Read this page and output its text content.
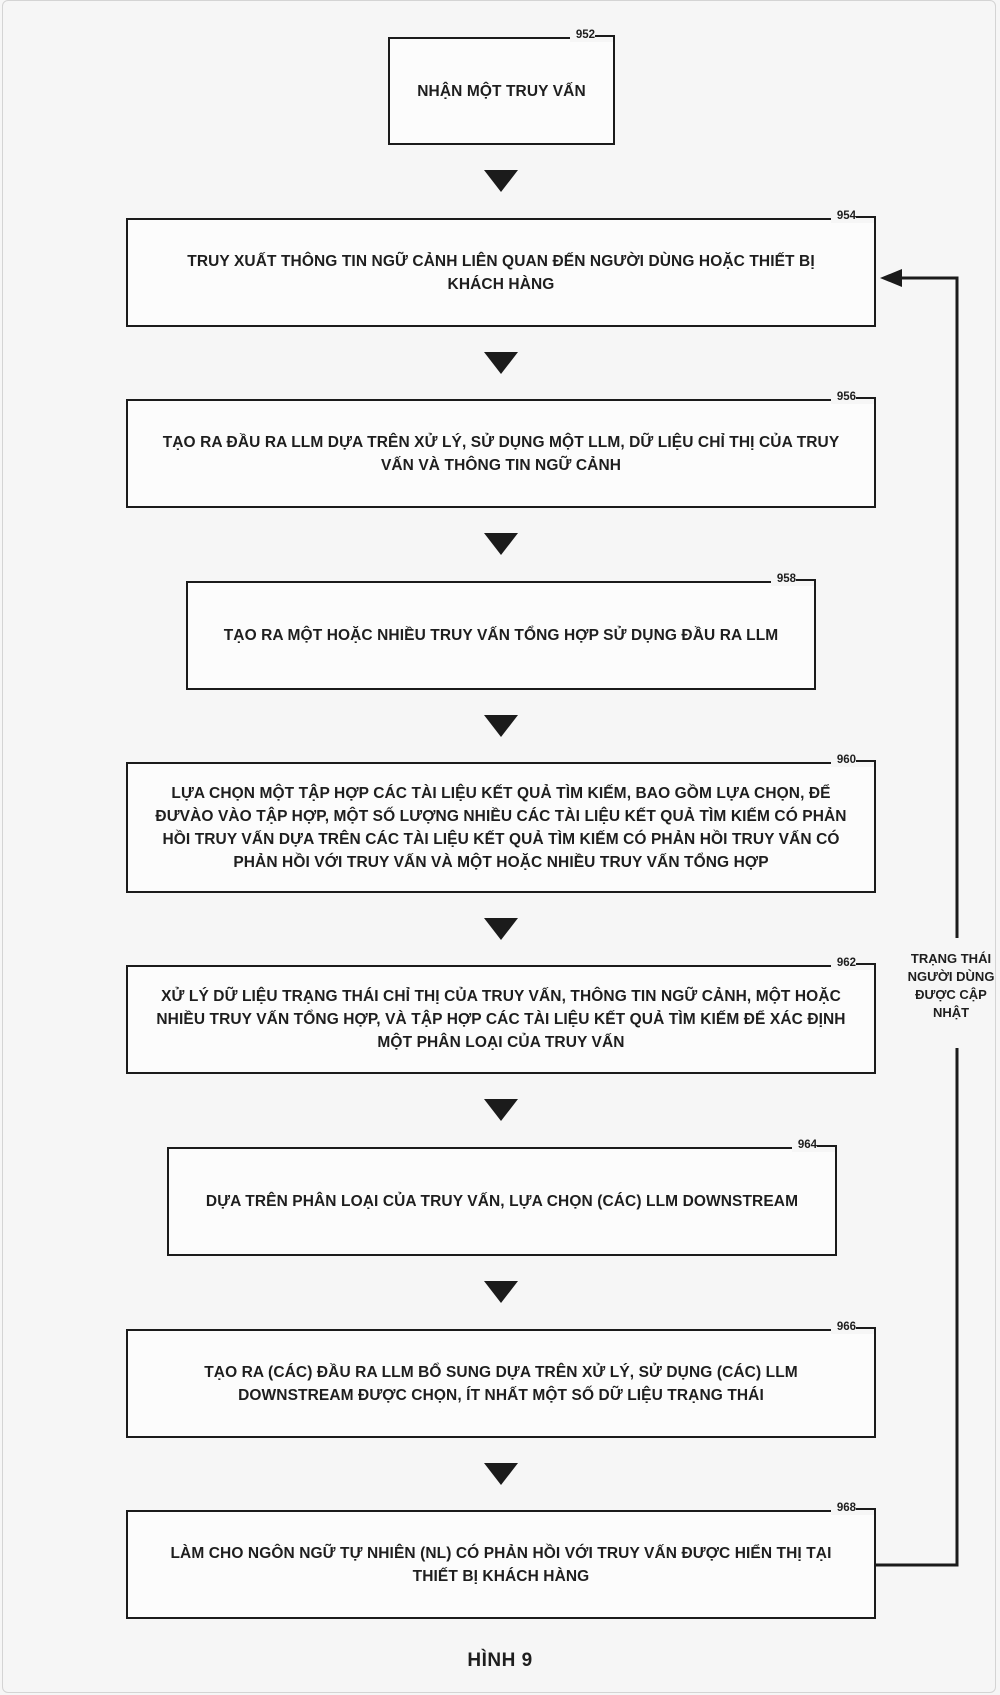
952
NHẬN MỘT TRUY VẤN
954
TRUY XUẤT THÔNG TIN NGỮ CẢNH LIÊN QUAN ĐẾN NGƯỜI DÙNG HOẶC THIẾT BỊ KHÁCH HÀNG
956
TẠO RA ĐẦU RA LLM DỰA TRÊN XỬ LÝ, SỬ DỤNG MỘT LLM, DỮ LIỆU CHỈ THỊ CỦA TRUY VẤN VÀ THÔNG TIN NGỮ CẢNH
958
TẠO RA MỘT HOẶC NHIỀU TRUY VẤN TỔNG HỢP SỬ DỤNG ĐẦU RA LLM
960
LỰA CHỌN MỘT TẬP HỢP CÁC TÀI LIỆU KẾT QUẢ TÌM KIẾM, BAO GỒM LỰA CHỌN, ĐỂ ĐƯVÀO VÀO TẬP HỢP, MỘT SỐ LƯỢNG NHIỀU CÁC TÀI LIỆU KẾT QUẢ TÌM KIẾM CÓ PHẢN HỒI TRUY VẤN DỰA TRÊN CÁC TÀI LIỆU KẾT QUẢ TÌM KIẾM CÓ PHẢN HỒI TRUY VẤN CÓ PHẢN HỒI VỚI TRUY VẤN VÀ MỘT HOẶC NHIỀU TRUY VẤN TỔNG HỢP
962
XỬ LÝ DỮ LIỆU TRẠNG THÁI CHỈ THỊ CỦA TRUY VẤN, THÔNG TIN NGỮ CẢNH, MỘT HOẶC NHIỀU TRUY VẤN TỔNG HỢP, VÀ TẬP HỢP CÁC TÀI LIỆU KẾT QUẢ TÌM KIẾM ĐỂ XÁC ĐỊNH MỘT PHÂN LOẠI CỦA TRUY VẤN
964
DỰA TRÊN PHÂN LOẠI CỦA TRUY VẤN, LỰA CHỌN (CÁC) LLM DOWNSTREAM
966
TẠO RA (CÁC) ĐẦU RA LLM BỔ SUNG DỰA TRÊN XỬ LÝ, SỬ DỤNG (CÁC) LLM DOWNSTREAM ĐƯỢC CHỌN, ÍT NHẤT MỘT SỐ DỮ LIỆU TRẠNG THÁI
968
LÀM CHO NGÔN NGỮ TỰ NHIÊN (NL) CÓ PHẢN HỒI VỚI TRUY VẤN ĐƯỢC HIỂN THỊ TẠI THIẾT BỊ KHÁCH HÀNG
TRẠNG THÁI NGƯỜI DÙNG ĐƯỢC CẬP NHẬT
HÌNH 9
